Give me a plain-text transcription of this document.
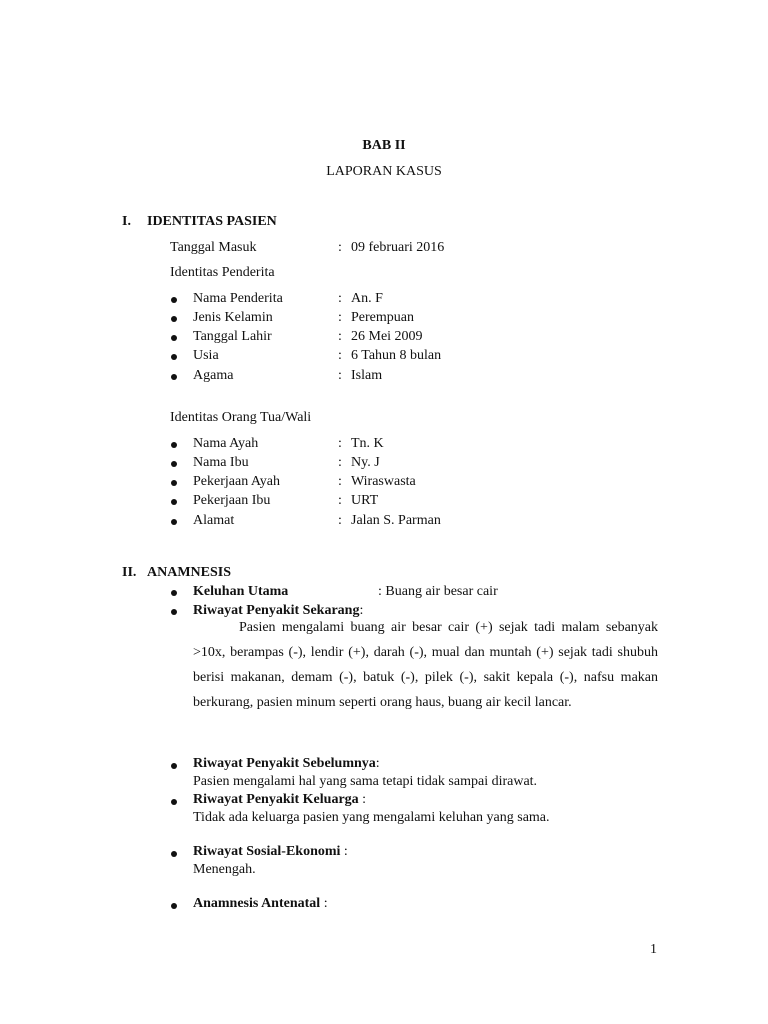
BAB II
LAPORAN KASUS
I. IDENTITAS PASIEN
Tanggal Masuk	: 09 februari 2016
Identitas Penderita
Nama Penderita	: An. F
Jenis Kelamin	: Perempuan
Tanggal Lahir	: 26 Mei 2009
Usia	: 6 Tahun 8 bulan
Agama	: Islam
Identitas Orang Tua/Wali
Nama Ayah	: Tn. K
Nama Ibu	: Ny. J
Pekerjaan Ayah	: Wiraswasta
Pekerjaan Ibu	: URT
Alamat	: Jalan S. Parman
II. ANAMNESIS
Keluhan Utama	: Buang air besar cair
Riwayat Penyakit Sekarang:
Pasien mengalami buang air besar cair (+) sejak tadi malam sebanyak >10x, berampas (-), lendir (+), darah (-), mual dan muntah (+) sejak tadi shubuh berisi makanan, demam (-), batuk (-), pilek (-), sakit kepala (-), nafsu makan berkurang, pasien minum seperti orang haus, buang air kecil lancar.
Riwayat Penyakit Sebelumnya:
Pasien mengalami hal yang sama tetapi tidak sampai dirawat.
Riwayat Penyakit Keluarga :
Tidak ada keluarga pasien yang mengalami keluhan yang sama.
Riwayat Sosial-Ekonomi :
Menengah.
Anamnesis Antenatal :
1
